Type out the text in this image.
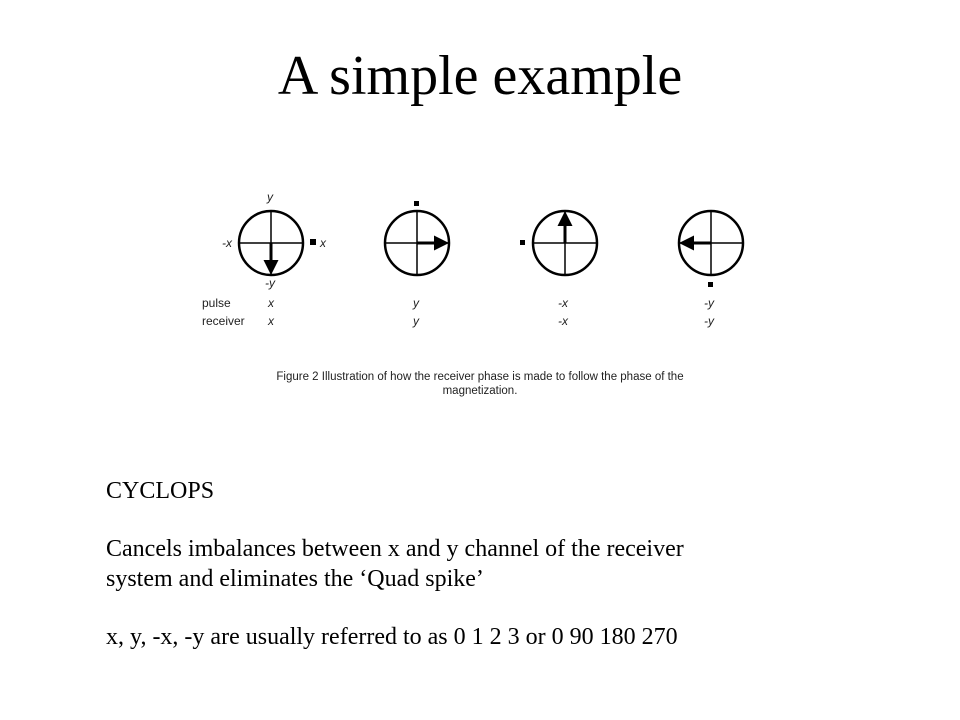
A simple example
y
-x	x
-y
pulse
receiver
x
x
y
y
-x
-x
-y
-y
Figure 2 Illustration of how the receiver phase is made to follow the phase of the
magnetization.
CYCLOPS
Cancels imbalances between x and y channel of the receiver
system and eliminates the ‘Quad spike’
x, y, -x, -y are usually referred to as 0 1 2 3 or 0 90 180 270
